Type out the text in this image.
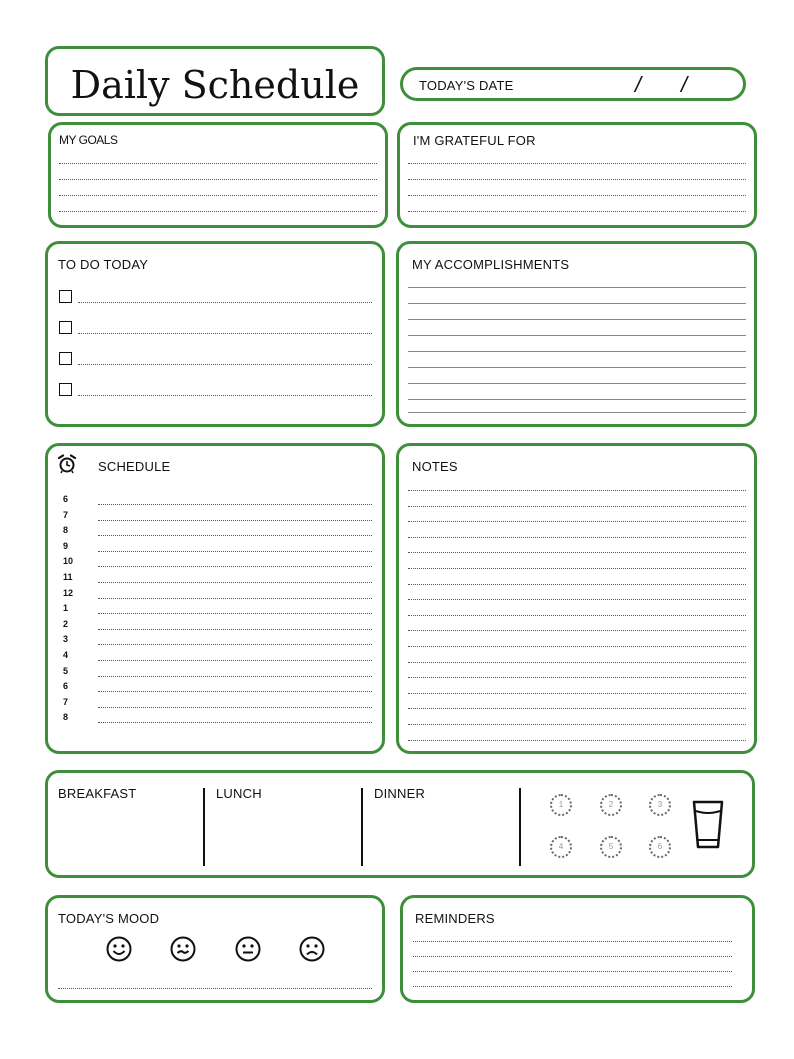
Daily Schedule	TODAY'S DATE	/ /
MY GOALS	I'M GRATEFUL FOR
TO DO TODAY	MY ACCOMPLISHMENTS
SCHEDULE
6
7
8
9
10
11
12
1
2
3
4
5
6
7
8
NOTES
BREAKFAST	LUNCH	DINNER
1	2	3
4	5	6
TODAY'S MOOD	REMINDERS
